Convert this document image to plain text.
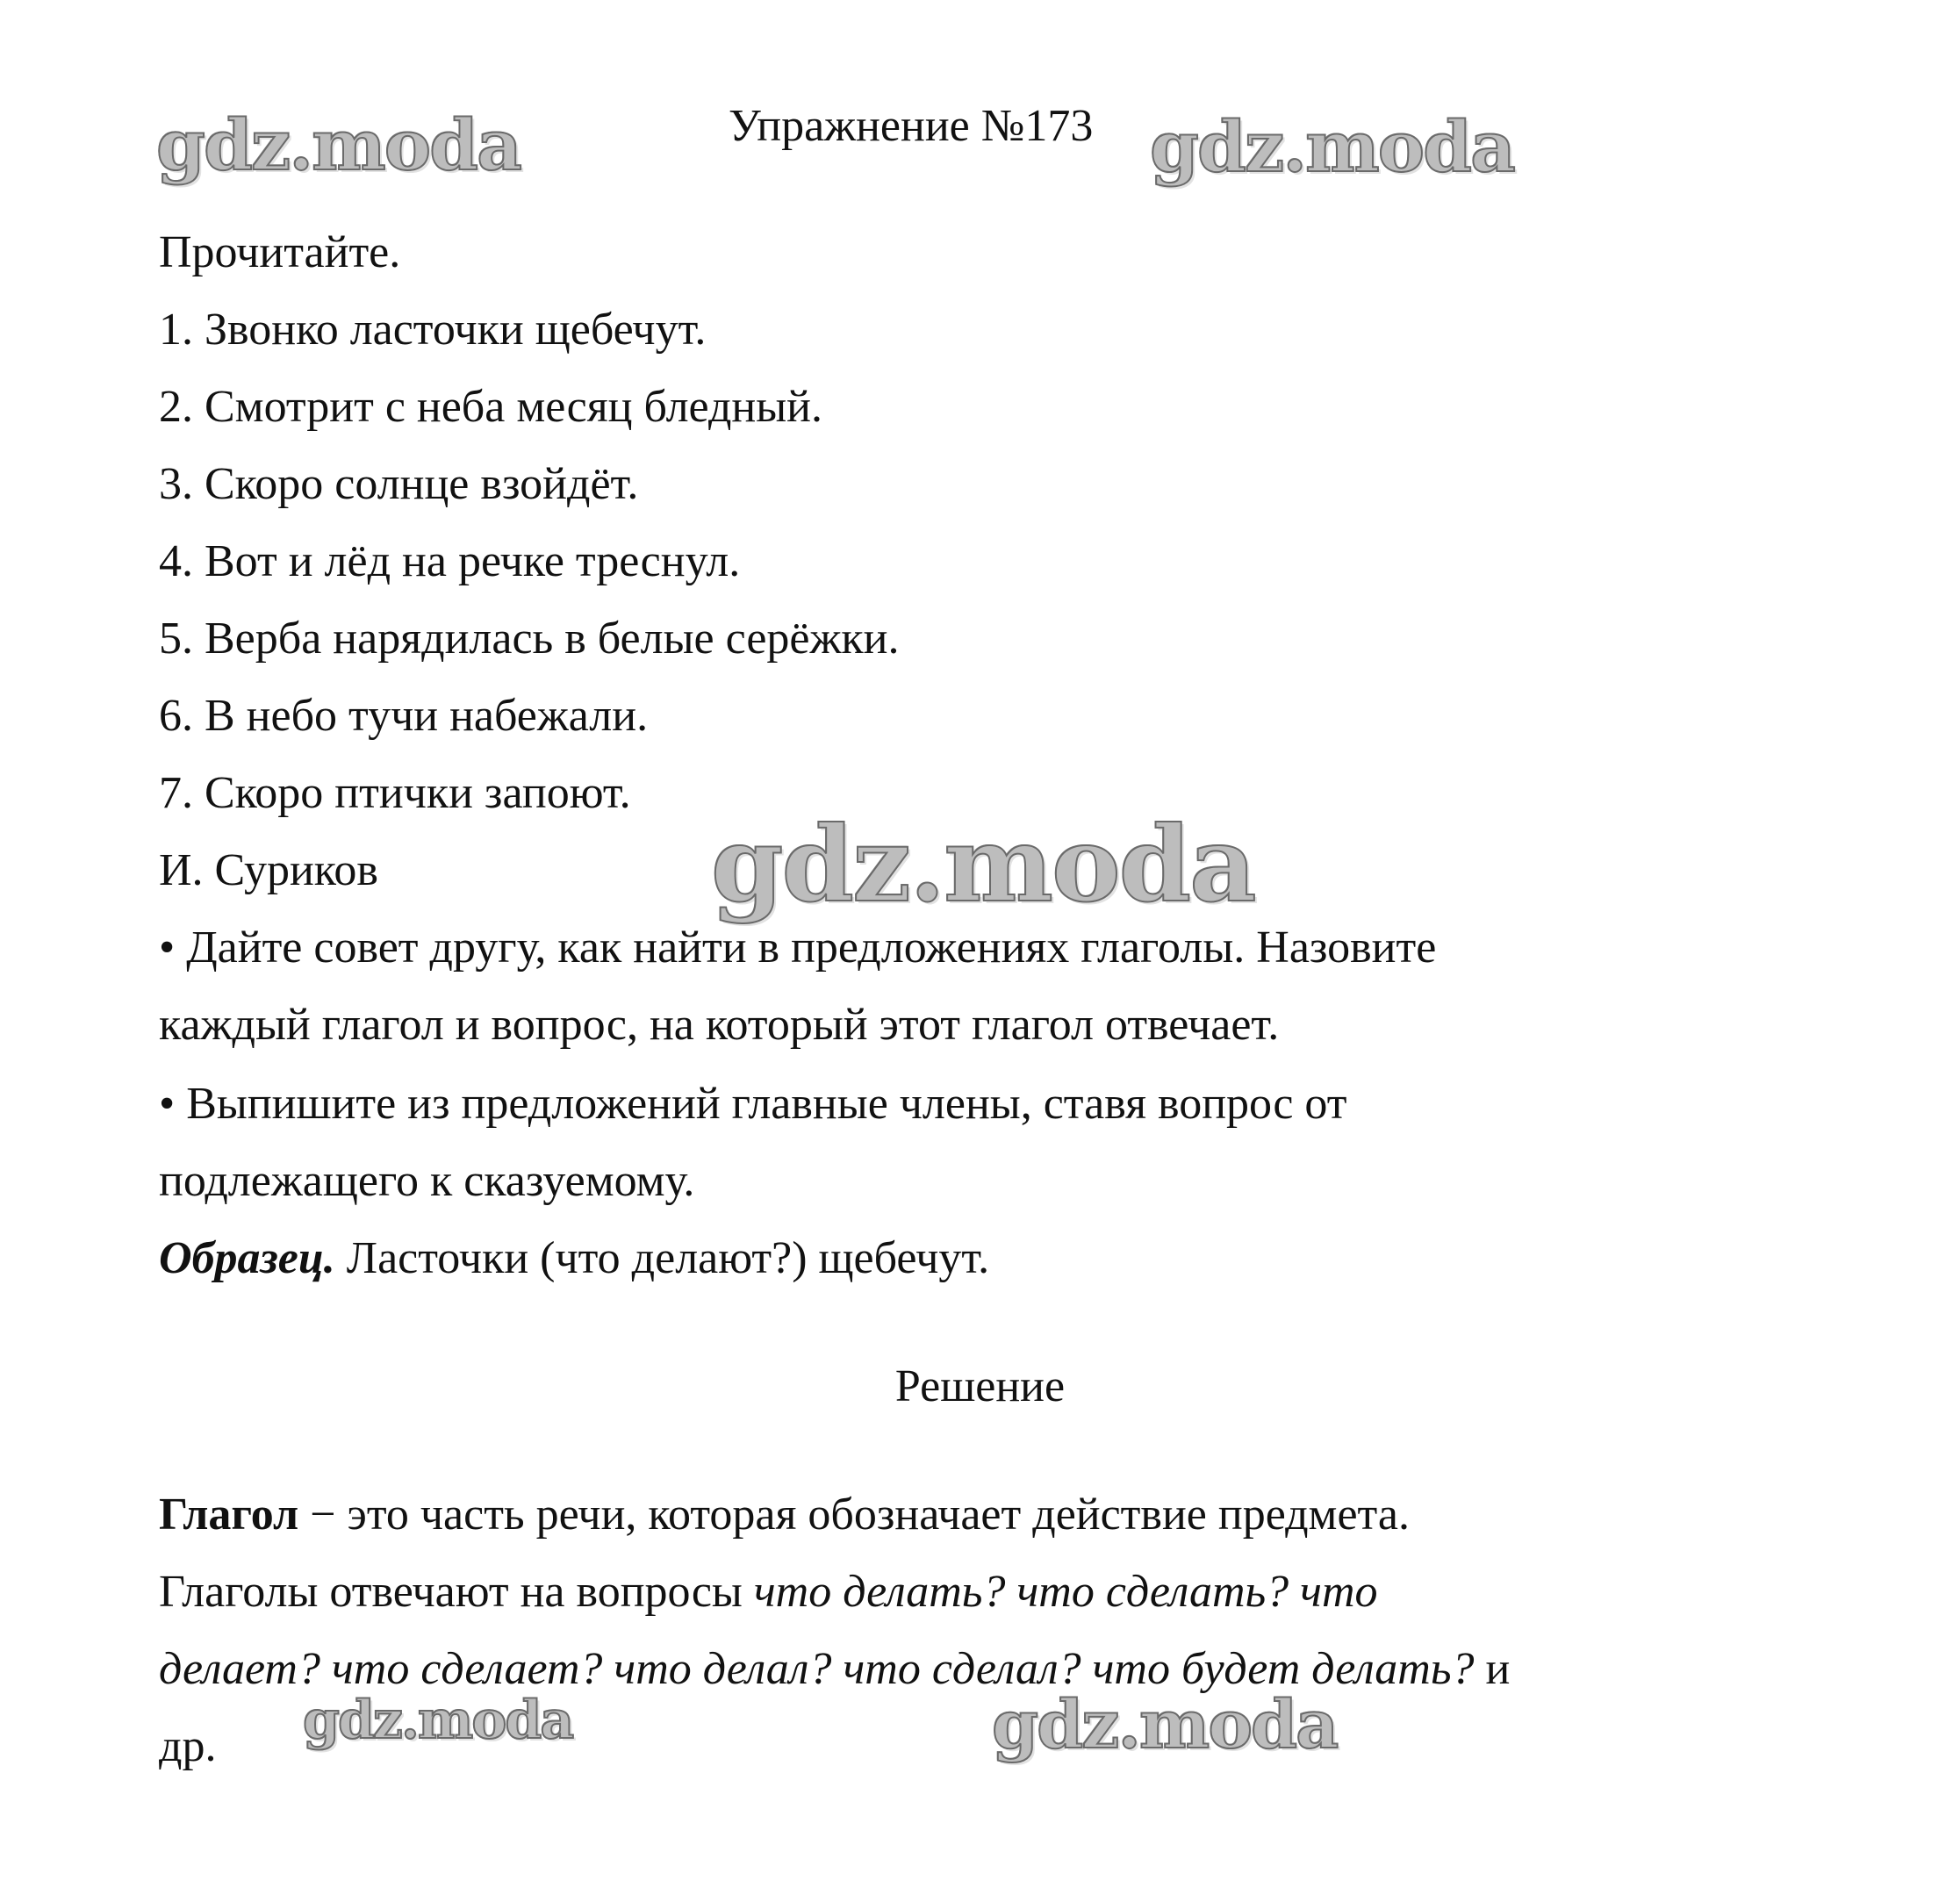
Упражнение №173

Прочитайте.

1. Звонко ласточки щебечут.

2. Смотрит с неба месяц бледный.

3. Скоро солнце взойдёт.

4. Вот и лёд на речке треснул.

5. Верба нарядилась в белые серёжки.

6. В небо тучи набежали.

7. Скоро птички запоют.

И. Суриков

• Дайте совет другу, как найти в предложениях глаголы. Назовите

каждый глагол и вопрос, на который этот глагол отвечает.

• Выпишите из предложений главные члены, ставя вопрос от

подлежащего к сказуемому.

Образец. Ласточки (что делают?) щебечут.

Решение

Глагол − это часть речи, которая обозначает действие предмета.

Глаголы отвечают на вопросы что делать? что сделать? что

делает? что сделает? что делал? что сделал? что будет делать? и

др.

gdz.moda	gdz.moda
gdz.moda
gdz.moda	gdz.moda
